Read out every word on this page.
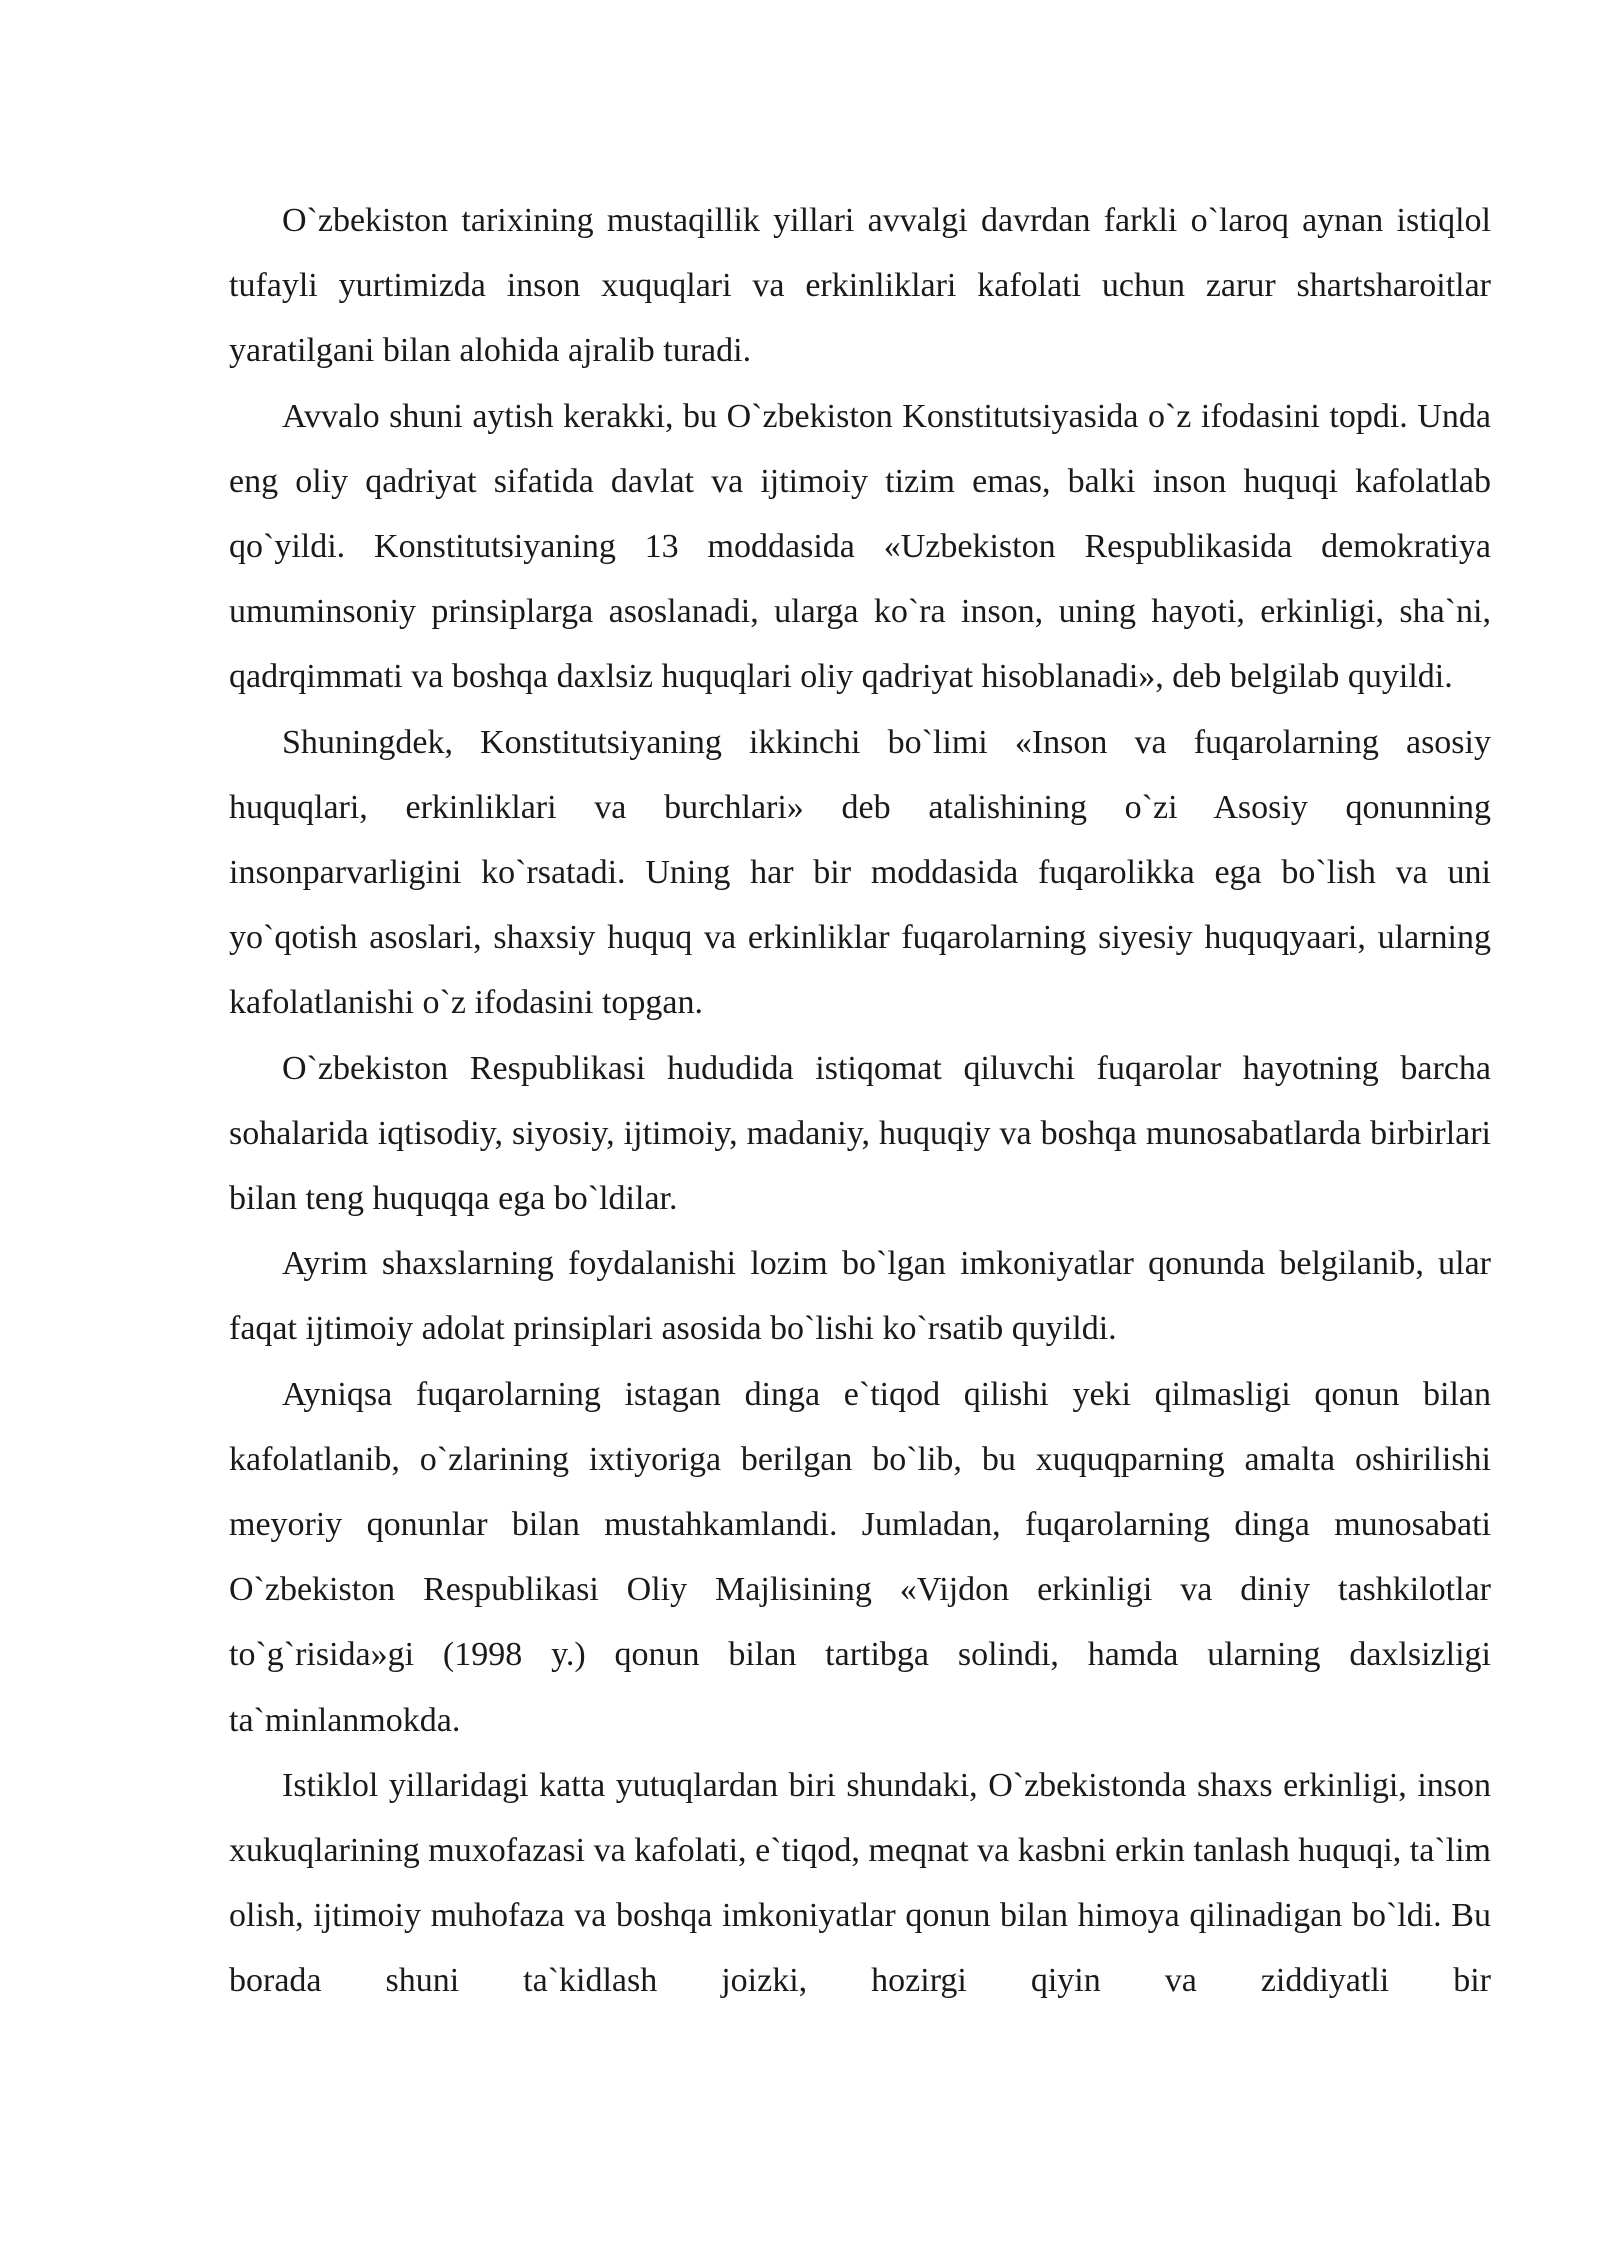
O`zbekiston tarixining mustaqillik yillari avvalgi davrdan farkli o`laroq aynan istiqlol tufayli yurtimizda inson xuquqlari va erkinliklari kafolati uchun zarur shartsharoitlar yaratilgani bilan alohida ajralib turadi.

Avvalo shuni aytish kerakki, bu O`zbekiston Konstitutsiyasida o`z ifodasini topdi. Unda eng oliy qadriyat sifatida davlat va ijtimoiy tizim emas, balki inson huquqi kafolatlab qo`yildi. Konstitutsiyaning 13 moddasida «Uzbekiston Respublikasida demokratiya umuminsoniy prinsiplarga asoslanadi, ularga ko`ra inson, uning hayoti, erkinligi, sha`ni, qadrqimmati va boshqa daxlsiz huquqlari oliy qadriyat hisoblanadi», deb belgilab quyildi.

Shuningdek, Konstitutsiyaning ikkinchi bo`limi «Inson va fuqarolarning asosiy huquqlari, erkinliklari va burchlari» deb atalishining o`zi Asosiy qonunning insonparvarligini ko`rsatadi. Uning har bir moddasida fuqarolikka ega bo`lish va uni yo`qotish asoslari, shaxsiy huquq va erkinliklar fuqarolarning siyesiy huquqyaari, ularning kafolatlanishi o`z ifodasini topgan.

O`zbekiston Respublikasi hududida istiqomat qiluvchi fuqarolar hayotning barcha sohalarida iqtisodiy, siyosiy, ijtimoiy, madaniy, huquqiy va boshqa munosabatlarda birbirlari bilan teng huquqqa ega bo`ldilar.

Ayrim shaxslarning foydalanishi lozim bo`lgan imkoniyatlar qonunda belgilanib, ular faqat ijtimoiy adolat prinsiplari asosida bo`lishi ko`rsatib quyildi.

Ayniqsa fuqarolarning istagan dinga e`tiqod qilishi yeki qilmasligi qonun bilan kafolatlanib, o`zlarining ixtiyoriga berilgan bo`lib, bu xuquqparning amalta oshirilishi meyoriy qonunlar bilan mustahkamlandi. Jumladan, fuqarolarning dinga munosabati O`zbekiston Respublikasi Oliy Majlisining «Vijdon erkinligi va diniy tashkilotlar to`g`risida»gi (1998 y.) qonun bilan tartibga solindi, hamda ularning daxlsizligi ta`minlanmokda.

Istiklol yillaridagi katta yutuqlardan biri shundaki, O`zbekistonda shaxs erkinligi, inson xukuqlarining muxofazasi va kafolati, e`tiqod, meqnat va kasbni erkin tanlash huquqi, ta`lim olish, ijtimoiy muhofaza va boshqa imkoniyatlar qonun bilan himoya qilinadigan bo`ldi. Bu borada shuni ta`kidlash joizki, hozirgi qiyin va ziddiyatli bir
